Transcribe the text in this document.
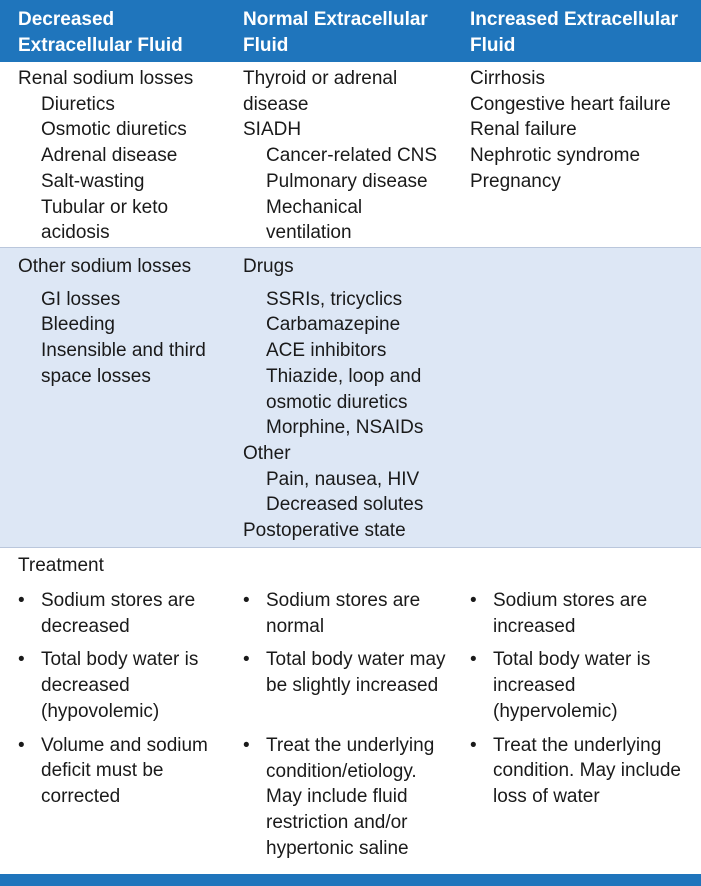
Decreased
Extracellular Fluid
Normal Extracellular
Fluid
Increased Extracellular
Fluid
Renal sodium losses
Diuretics
Osmotic diuretics
Adrenal disease
Salt-wasting
Tubular or keto
acidosis
Thyroid or adrenal
disease
SIADH
Cancer-related CNS
Pulmonary disease
Mechanical
ventilation
Cirrhosis
Congestive heart failure
Renal failure
Nephrotic syndrome
Pregnancy
Other sodium losses
GI losses
Bleeding
Insensible and third
space losses
Drugs
SSRIs, tricyclics
Carbamazepine
ACE inhibitors
Thiazide, loop and
osmotic diuretics
Morphine, NSAIDs
Other
Pain, nausea, HIV
Decreased solutes
Postoperative state
Treatment
• Sodium stores are
decreased
• Total body water is
decreased
(hypovolemic)
• Volume and sodium
deficit must be
corrected
• Sodium stores are
normal
• Total body water may
be slightly increased
• Treat the underlying
condition/etiology.
May include fluid
restriction and/or
hypertonic saline
• Sodium stores are
increased
• Total body water is
increased
(hypervolemic)
• Treat the underlying
condition. May include
loss of water
